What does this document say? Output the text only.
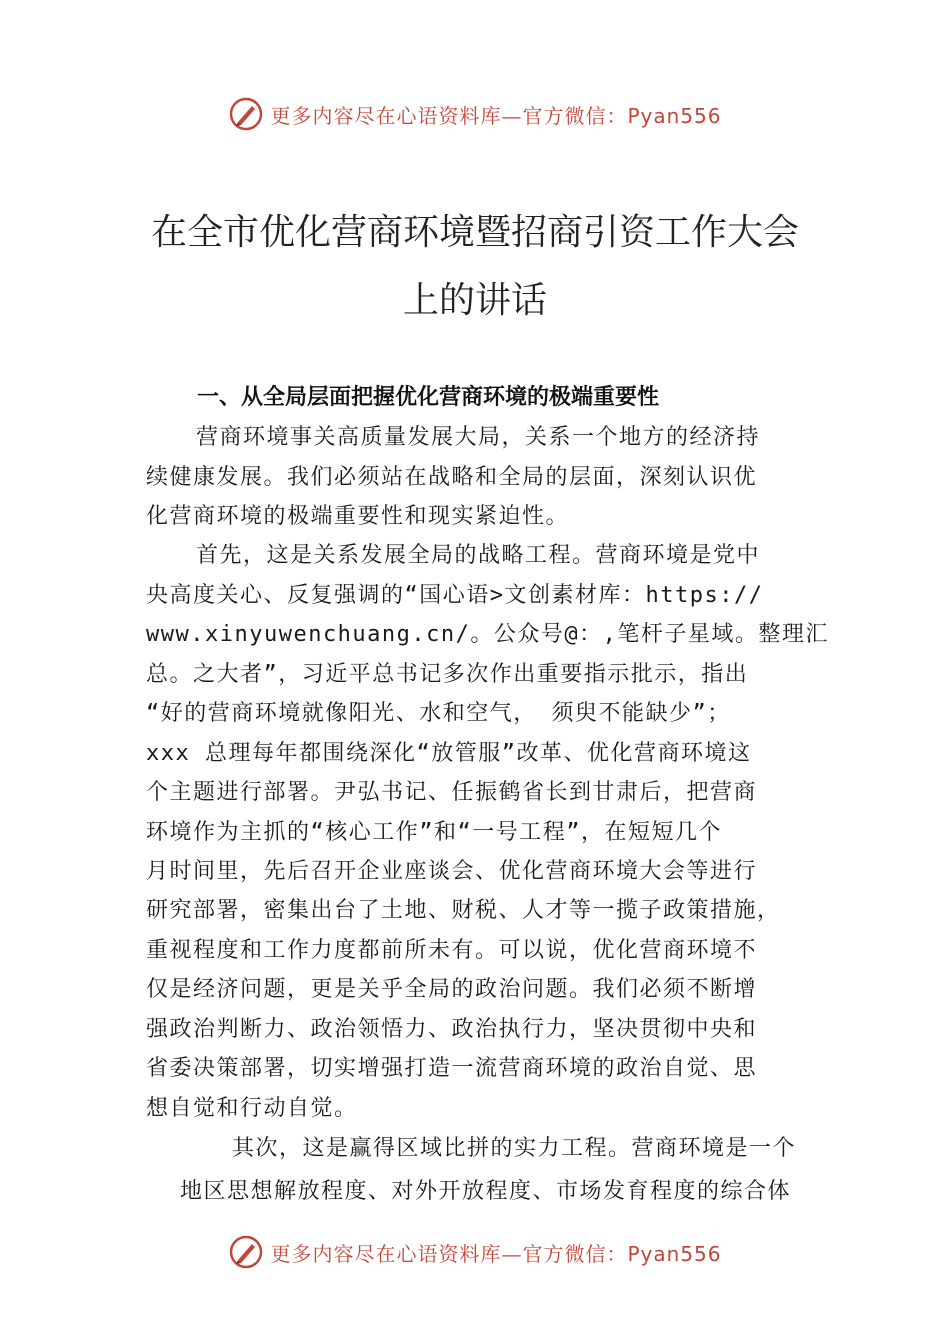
更多内容尽在心语资料库—官方微信：Pyan556
在全市优化营商环境暨招商引资工作大会
上的讲话
一、从全局层面把握优化营商环境的极端重要性
营商环境事关高质量发展大局，关系一个地方的经济持
续健康发展。我们必须站在战略和全局的层面，深刻认识优
化营商环境的极端重要性和现实紧迫性。
首先，这是关系发展全局的战略工程。营商环境是党中
央高度关心、反复强调的“国心语>文创素材库：https://
www.xinyuwenchuang.cn/。公众号@：,笔杆子星域。整理汇
总。之大者”，习近平总书记多次作出重要指示批示，指出
“好的营商环境就像阳光、水和空气， 须臾不能缺少”；
xxx 总理每年都围绕深化“放管服”改革、优化营商环境这
个主题进行部署。尹弘书记、任振鹤省长到甘肃后，把营商
环境作为主抓的“核心工作”和“一号工程”，在短短几个
月时间里，先后召开企业座谈会、优化营商环境大会等进行
研究部署，密集出台了土地、财税、人才等一揽子政策措施，
重视程度和工作力度都前所未有。可以说，优化营商环境不
仅是经济问题，更是关乎全局的政治问题。我们必须不断增
强政治判断力、政治领悟力、政治执行力，坚决贯彻中央和
省委决策部署，切实增强打造一流营商环境的政治自觉、思
想自觉和行动自觉。
其次，这是赢得区域比拼的实力工程。营商环境是一个
地区思想解放程度、对外开放程度、市场发育程度的综合体
更多内容尽在心语资料库—官方微信：Pyan556
